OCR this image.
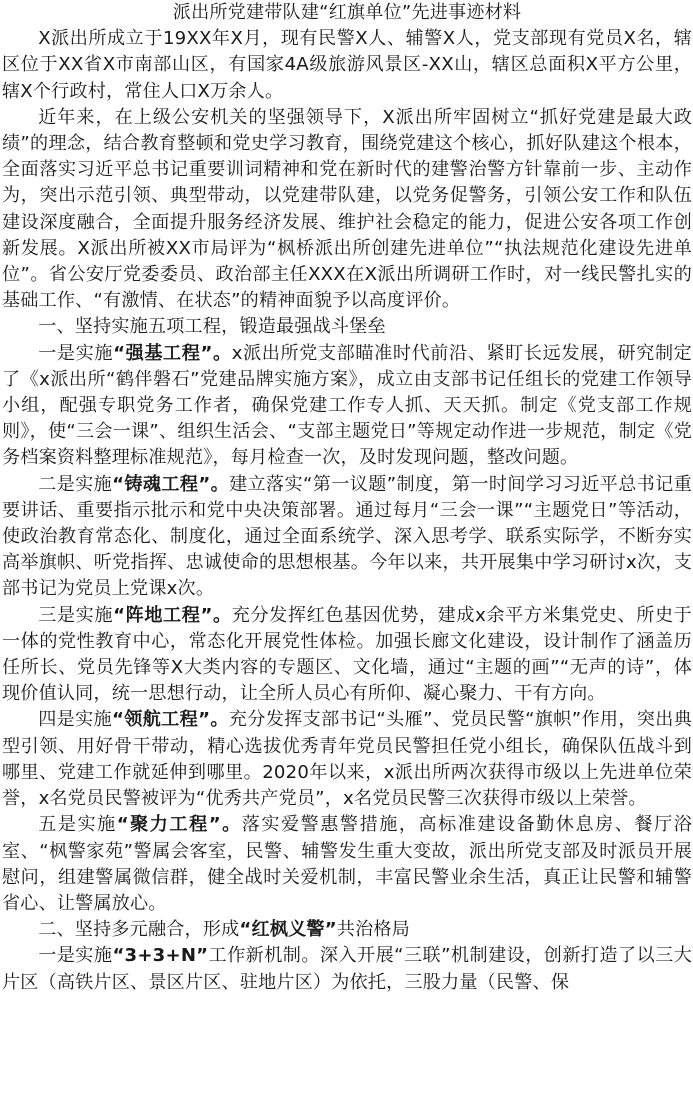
派出所党建带队建“红旗单位”先进事迹材料

X派出所成立于19XX年X月，现有民警X人、辅警X人，党支部现有党员X名，辖区位于XX省X市南部山区，有国家4A级旅游风景区-XX山，辖区总面积X平方公里，辖X个行政村，常住人口X万余人。

近年来，在上级公安机关的坚强领导下，X派出所牢固树立“抓好党建是最大政绩”的理念，结合教育整顿和党史学习教育，围绕党建这个核心，抓好队建这个根本，全面落实习近平总书记重要训词精神和党在新时代的建警治警方针靠前一步、主动作为，突出示范引领、典型带动，以党建带队建，以党务促警务，引领公安工作和队伍建设深度融合，全面提升服务经济发展、维护社会稳定的能力，促进公安各项工作创新发展。X派出所被XX市局评为“枫桥派出所创建先进单位”“执法规范化建设先进单位”。省公安厅党委委员、政治部主任XXX在X派出所调研工作时，对一线民警扎实的基础工作、“有激情、在状态”的精神面貌予以高度评价。

一、坚持实施五项工程，锻造最强战斗堡垒

一是实施“强基工程”。x派出所党支部瞄准时代前沿、紧盯长远发展，研究制定了《x派出所“鹤伴磐石”党建品牌实施方案》，成立由支部书记任组长的党建工作领导小组，配强专职党务工作者，确保党建工作专人抓、天天抓。制定《党支部工作规则》，使“三会一课”、组织生活会、“支部主题党日”等规定动作进一步规范，制定《党务档案资料整理标准规范》，每月检查一次，及时发现问题，整改问题。

二是实施“铸魂工程”。建立落实“第一议题”制度，第一时间学习习近平总书记重要讲话、重要指示批示和党中央决策部署。通过每月“三会一课”“主题党日”等活动，使政治教育常态化、制度化，通过全面系统学、深入思考学、联系实际学，不断夯实高举旗帜、听党指挥、忠诚使命的思想根基。今年以来，共开展集中学习研讨x次，支部书记为党员上党课x次。

三是实施“阵地工程”。充分发挥红色基因优势，建成x余平方米集党史、所史于一体的党性教育中心，常态化开展党性体检。加强长廊文化建设，设计制作了涵盖历任所长、党员先锋等X大类内容的专题区、文化墙，通过“主题的画”“无声的诗”，体现价值认同，统一思想行动，让全所人员心有所仰、凝心聚力、干有方向。

四是实施“领航工程”。充分发挥支部书记“头雁”、党员民警“旗帜”作用，突出典型引领、用好骨干带动，精心选拔优秀青年党员民警担任党小组长，确保队伍战斗到哪里、党建工作就延伸到哪里。2020年以来，x派出所两次获得市级以上先进单位荣誉，x名党员民警被评为“优秀共产党员”，x名党员民警三次获得市级以上荣誉。

五是实施“聚力工程”。落实爱警惠警措施，高标准建设备勤休息房、餐厅浴室、“枫警家苑”警属会客室，民警、辅警发生重大变故，派出所党支部及时派员开展慰问，组建警属微信群，健全战时关爱机制，丰富民警业余生活，真正让民警和辅警省心、让警属放心。

二、坚持多元融合，形成“红枫义警”共治格局

一是实施“3+3+N”工作新机制。深入开展“三联”机制建设，创新打造了以三大片区（高铁片区、景区片区、驻地片区）为依托，三股力量（民警、保
